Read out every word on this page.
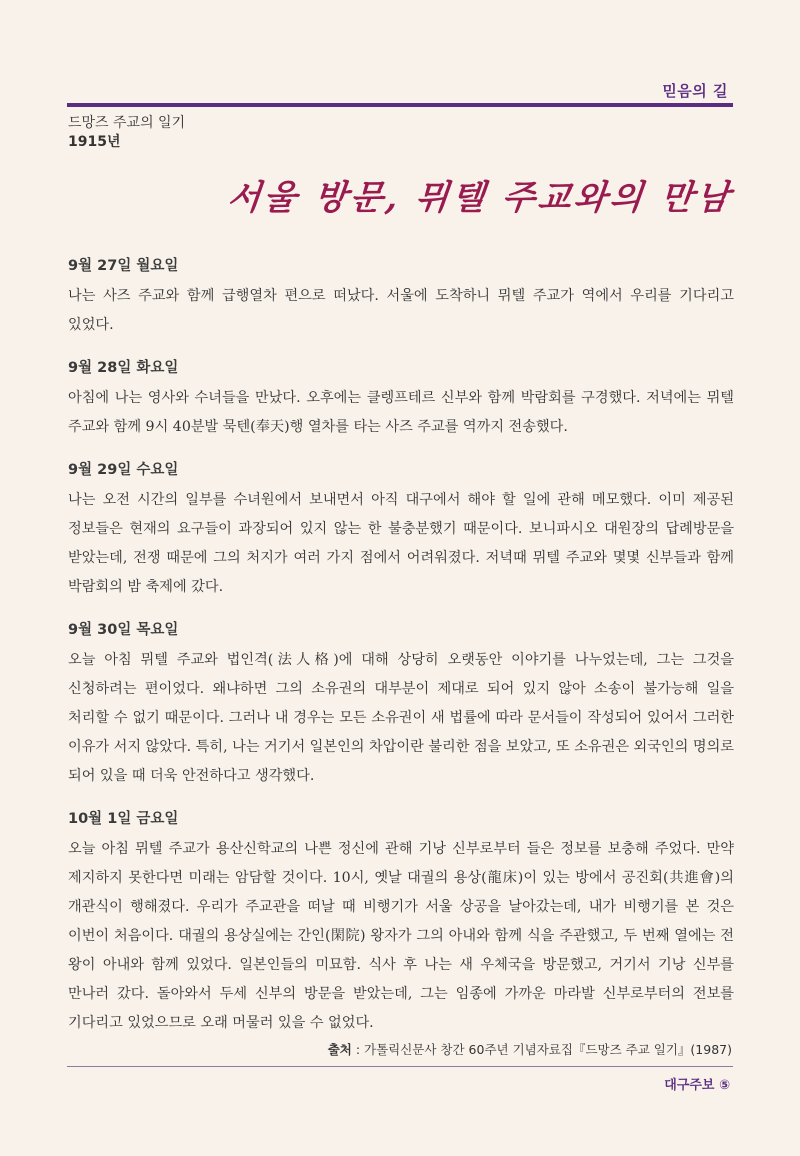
믿음의 길
드망즈 주교의 일기
1915년
서울 방문, 뮈텔 주교와의 만남

9월 27일 월요일

나는 사즈 주교와 함께 급행열차 편으로 떠났다. 서울에 도착하니 뮈텔 주교가 역에서 우리를 기다리고 있었다.

9월 28일 화요일

아침에 나는 영사와 수녀들을 만났다. 오후에는 클렝프테르 신부와 함께 박람회를 구경했다. 저녁에는 뮈텔 주교와 함께 9시 40분발 묵텐(奉天)행 열차를 타는 사즈 주교를 역까지 전송했다.

9월 29일 수요일

나는 오전 시간의 일부를 수녀원에서 보내면서 아직 대구에서 해야 할 일에 관해 메모했다. 이미 제공된 정보들은 현재의 요구들이 과장되어 있지 않는 한 불충분했기 때문이다. 보니파시오 대원장의 답례방문을 받았는데, 전쟁 때문에 그의 처지가 여러 가지 점에서 어려워졌다. 저녁때 뮈텔 주교와 몇몇 신부들과 함께 박람회의 밤 축제에 갔다.

9월 30일 목요일

오늘 아침 뮈텔 주교와 법인격(法人格)에 대해 상당히 오랫동안 이야기를 나누었는데, 그는 그것을 신청하려는 편이었다. 왜냐하면 그의 소유권의 대부분이 제대로 되어 있지 않아 소송이 불가능해 일을 처리할 수 없기 때문이다. 그러나 내 경우는 모든 소유권이 새 법률에 따라 문서들이 작성되어 있어서 그러한 이유가 서지 않았다. 특히, 나는 거기서 일본인의 차압이란 불리한 점을 보았고, 또 소유권은 외국인의 명의로 되어 있을 때 더욱 안전하다고 생각했다.

10월 1일 금요일

오늘 아침 뮈텔 주교가 용산신학교의 나쁜 정신에 관해 기낭 신부로부터 들은 정보를 보충해 주었다. 만약 제지하지 못한다면 미래는 암담할 것이다. 10시, 옛날 대궐의 용상(龍床)이 있는 방에서 공진회(共進會)의 개관식이 행해졌다. 우리가 주교관을 떠날 때 비행기가 서울 상공을 날아갔는데, 내가 비행기를 본 것은 이번이 처음이다. 대궐의 용상실에는 간인(閑院) 왕자가 그의 아내와 함께 식을 주관했고, 두 번째 열에는 전 왕이 아내와 함께 있었다. 일본인들의 미묘함. 식사 후 나는 새 우체국을 방문했고, 거기서 기낭 신부를 만나러 갔다. 돌아와서 두세 신부의 방문을 받았는데, 그는 임종에 가까운 마라발 신부로부터의 전보를 기다리고 있었으므로 오래 머물러 있을 수 없었다.

출처 : 가톨릭신문사 창간 60주년 기념자료집『드망즈 주교 일기』(1987)
대구주보 ⑤
